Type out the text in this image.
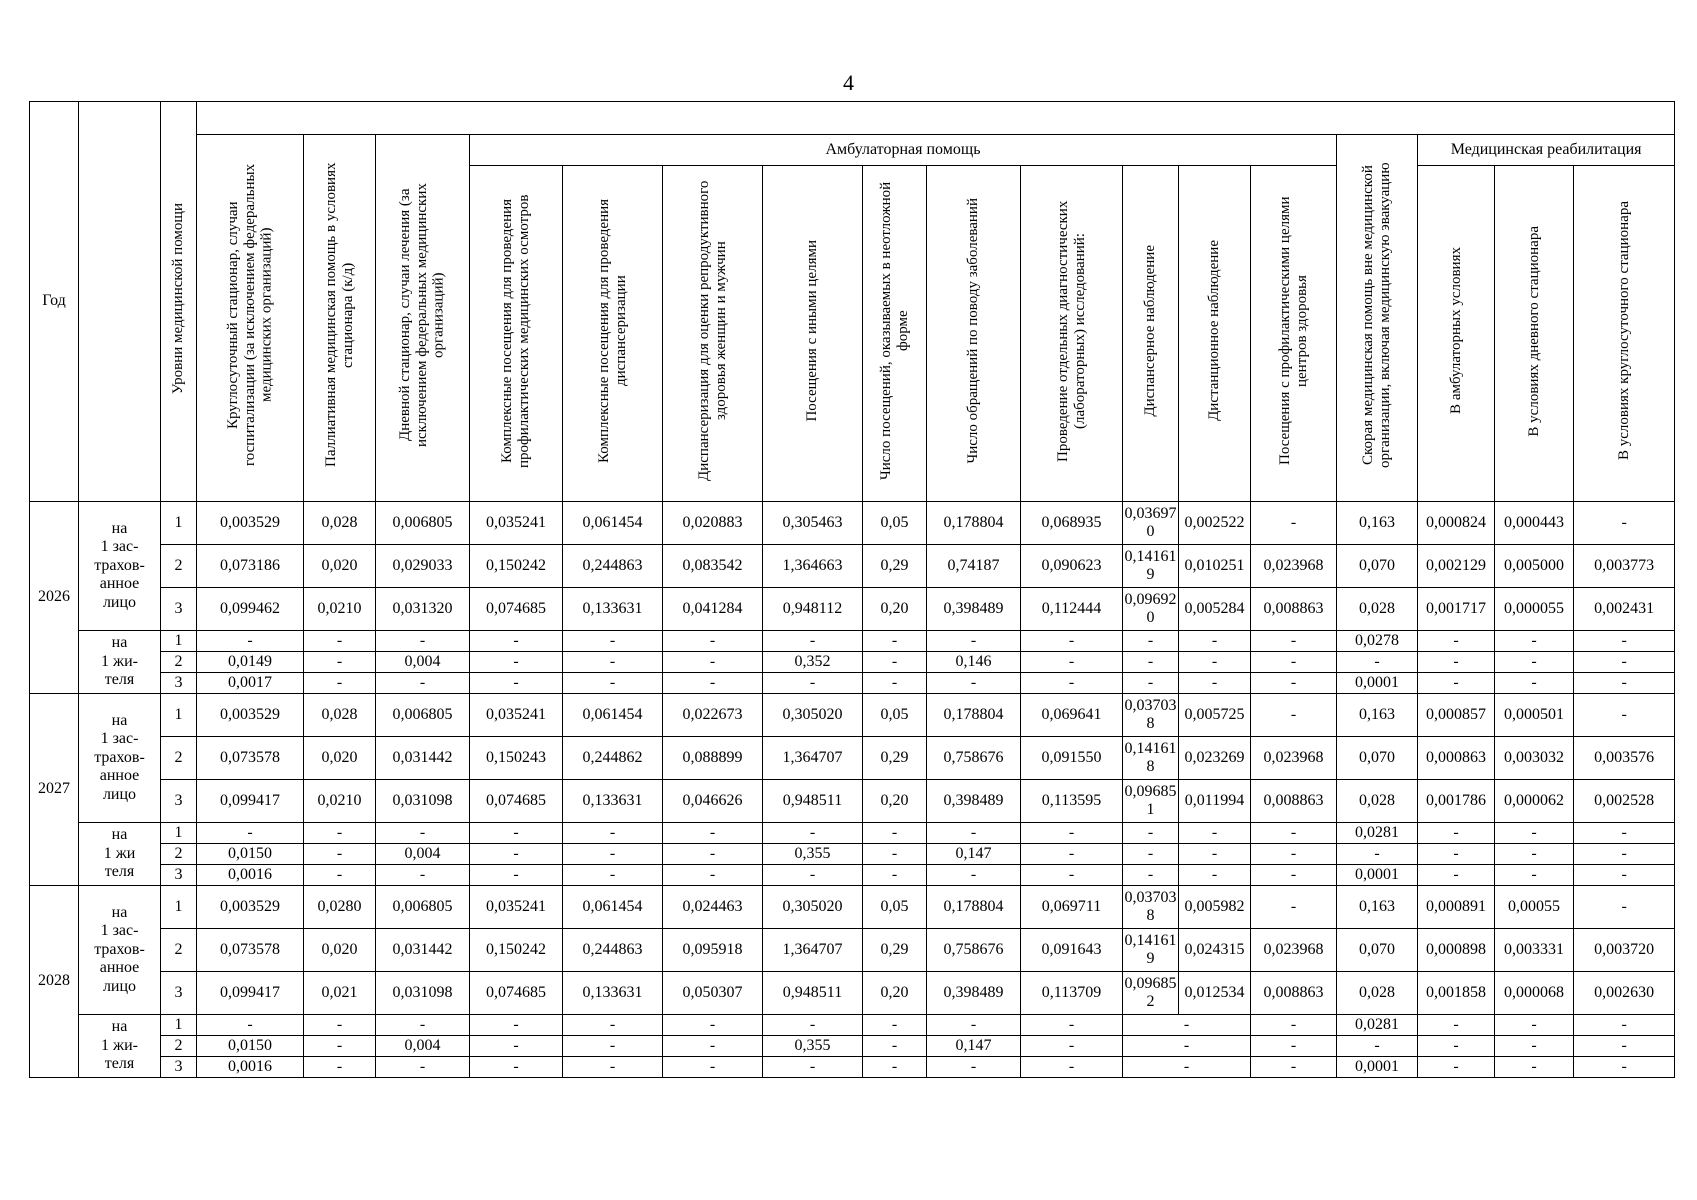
4
Год		Уровни медицинской помощи																	
			Круглосуточный стационар, случаи госпитализации (за исключением федеральных медицинских организаций)	Паллиативная медицинская помощь в условиях стационара (к/д)	Дневной стационар, случаи лечения (за исключением федеральных медицинских организаций)	Амбулаторная помощь										Скорая медицинская помощь вне медицинской организации, включая медицинскую эвакуацию	Медицинская реабилитация		
						Комплексные посещения для проведения профилактических медицинских осмотров	Комплексные посещения для проведения диспансеризации	Диспансеризация для оценки репродуктивного здоровья женщин и мужчин	Посещения с иными целями	Число посещений, оказываемых в неотложной форме	Число обращений по поводу заболеваний	Проведение отдельных диагностических (лабораторных) исследований:	Диспансерное наблюдение	Дистанционное наблюдение	Посещения с профилактическими целями центров здоровья		В амбулаторных условиях	В условиях дневного стационара	В условиях круглосуточного стационара
2026	на
1 зас-
трахов-
анное
лицо	1	0,003529	0,028	0,006805	0,035241	0,061454	0,020883	0,305463	0,05	0,178804	0,068935	0,036970	0,002522	-	0,163	0,000824	0,000443	-
		2	0,073186	0,020	0,029033	0,150242	0,244863	0,083542	1,364663	0,29	0,74187	0,090623	0,141619	0,010251	0,023968	0,070	0,002129	0,005000	0,003773
		3	0,099462	0,0210	0,031320	0,074685	0,133631	0,041284	0,948112	0,20	0,398489	0,112444	0,096920	0,005284	0,008863	0,028	0,001717	0,000055	0,002431
	на
1 жи-
теля	1	-	-	-	-	-	-	-	-	-	-	-	-	-	0,0278	-	-	-
		2	0,0149	-	0,004	-	-	-	0,352	-	0,146	-	-	-	-	-	-	-	-
		3	0,0017	-	-	-	-	-	-	-	-	-	-	-	-	0,0001	-	-	-
2027	на
1 зас-
трахов-
анное
лицо	1	0,003529	0,028	0,006805	0,035241	0,061454	0,022673	0,305020	0,05	0,178804	0,069641	0,037038	0,005725	-	0,163	0,000857	0,000501	-
		2	0,073578	0,020	0,031442	0,150243	0,244862	0,088899	1,364707	0,29	0,758676	0,091550	0,141618	0,023269	0,023968	0,070	0,000863	0,003032	0,003576
		3	0,099417	0,0210	0,031098	0,074685	0,133631	0,046626	0,948511	0,20	0,398489	0,113595	0,096851	0,011994	0,008863	0,028	0,001786	0,000062	0,002528
	на
1 жи
теля	1	-	-	-	-	-	-	-	-	-	-	-	-	-	0,0281	-	-	-
		2	0,0150	-	0,004	-	-	-	0,355	-	0,147	-	-	-	-	-	-	-	-
		3	0,0016	-	-	-	-	-	-	-	-	-	-	-	-	0,0001	-	-	-
2028	на
1 зас-
трахов-
анное
лицо	1	0,003529	0,0280	0,006805	0,035241	0,061454	0,024463	0,305020	0,05	0,178804	0,069711	0,037038	0,005982	-	0,163	0,000891	0,00055	-
		2	0,073578	0,020	0,031442	0,150242	0,244863	0,095918	1,364707	0,29	0,758676	0,091643	0,141619	0,024315	0,023968	0,070	0,000898	0,003331	0,003720
		3	0,099417	0,021	0,031098	0,074685	0,133631	0,050307	0,948511	0,20	0,398489	0,113709	0,096852	0,012534	0,008863	0,028	0,001858	0,000068	0,002630
	на
1 жи-
теля	1	-	-	-	-	-	-	-	-	-	-	-		-	0,0281	-	-	-
		2	0,0150	-	0,004	-	-	-	0,355	-	0,147	-	-		-	-	-	-	-
		3	0,0016	-	-	-	-	-	-	-	-	-	-		-	0,0001	-	-	-
